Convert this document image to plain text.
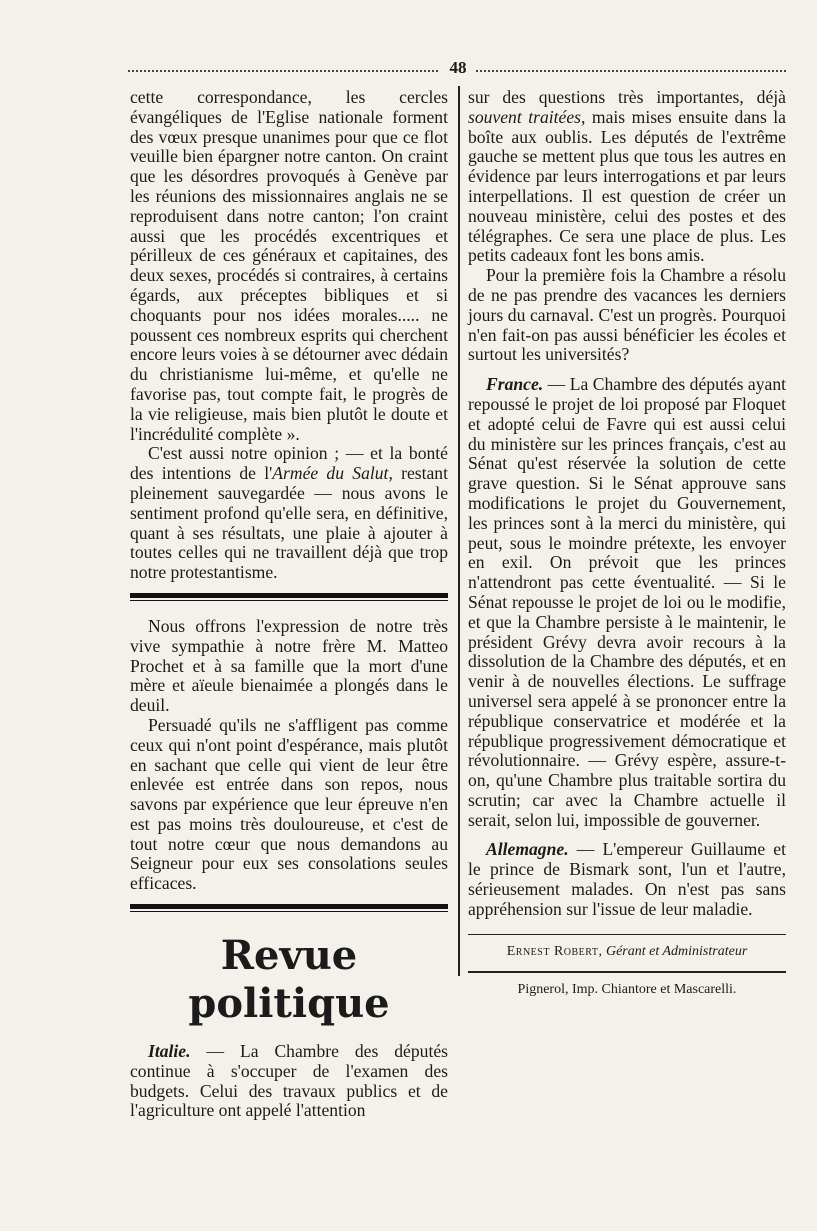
48

cette correspondance, les cercles évangéliques de l'Eglise nationale forment des vœux presque unanimes pour que ce flot veuille bien épargner notre canton. On craint que les désordres provoqués à Genève par les réunions des missionnaires anglais ne se reproduisent dans notre canton; l'on craint aussi que les procédés excentriques et périlleux de ces généraux et capitaines, des deux sexes, procédés si contraires, à certains égards, aux préceptes bibliques et si choquants pour nos idées morales..... ne poussent ces nombreux esprits qui cherchent encore leurs voies à se détourner avec dédain du christianisme lui-même, et qu'elle ne favorise pas, tout compte fait, le progrès de la vie religieuse, mais bien plutôt le doute et l'incrédulité complète ».

C'est aussi notre opinion ; — et la bonté des intentions de l'Armée du Salut, restant pleinement sauvegardée — nous avons le sentiment profond qu'elle sera, en définitive, quant à ses résultats, une plaie à ajouter à toutes celles qui ne travaillent déjà que trop notre protestantisme.

Nous offrons l'expression de notre très vive sympathie à notre frère M. Matteo Prochet et à sa famille que la mort d'une mère et aïeule bienaimée a plongés dans le deuil.

Persuadé qu'ils ne s'affligent pas comme ceux qui n'ont point d'espérance, mais plutôt en sachant que celle qui vient de leur être enlevée est entrée dans son repos, nous savons par expérience que leur épreuve n'en est pas moins très douloureuse, et c'est de tout notre cœur que nous demandons au Seigneur pour eux ses consolations seules efficaces.

Revue politique

Italie. — La Chambre des députés continue à s'occuper de l'examen des budgets. Celui des travaux publics et de l'agriculture ont appelé l'attention

sur des questions très importantes, déjà souvent traitées, mais mises ensuite dans la boîte aux oublis. Les députés de l'extrême gauche se mettent plus que tous les autres en évidence par leurs interrogations et par leurs interpellations. Il est question de créer un nouveau ministère, celui des postes et des télégraphes. Ce sera une place de plus. Les petits cadeaux font les bons amis.

Pour la première fois la Chambre a résolu de ne pas prendre des vacances les derniers jours du carnaval. C'est un progrès. Pourquoi n'en fait-on pas aussi bénéficier les écoles et surtout les universités?

France. — La Chambre des députés ayant repoussé le projet de loi proposé par Floquet et adopté celui de Favre qui est aussi celui du ministère sur les princes français, c'est au Sénat qu'est réservée la solution de cette grave question. Si le Sénat approuve sans modifications le projet du Gouvernement, les princes sont à la merci du ministère, qui peut, sous le moindre prétexte, les envoyer en exil. On prévoit que les princes n'attendront pas cette éventualité. — Si le Sénat repousse le projet de loi ou le modifie, et que la Chambre persiste à le maintenir, le président Grévy devra avoir recours à la dissolution de la Chambre des députés, et en venir à de nouvelles élections. Le suffrage universel sera appelé à se prononcer entre la république conservatrice et modérée et la république progressivement démocratique et révolutionnaire. — Grévy espère, assure-t-on, qu'une Chambre plus traitable sortira du scrutin; car avec la Chambre actuelle il serait, selon lui, impossible de gouverner.

Allemagne. — L'empereur Guillaume et le prince de Bismark sont, l'un et l'autre, sérieusement malades. On n'est pas sans appréhension sur l'issue de leur maladie.

Ernest Robert, Gérant et Administrateur
Pignerol, Imp. Chiantore et Mascarelli.
